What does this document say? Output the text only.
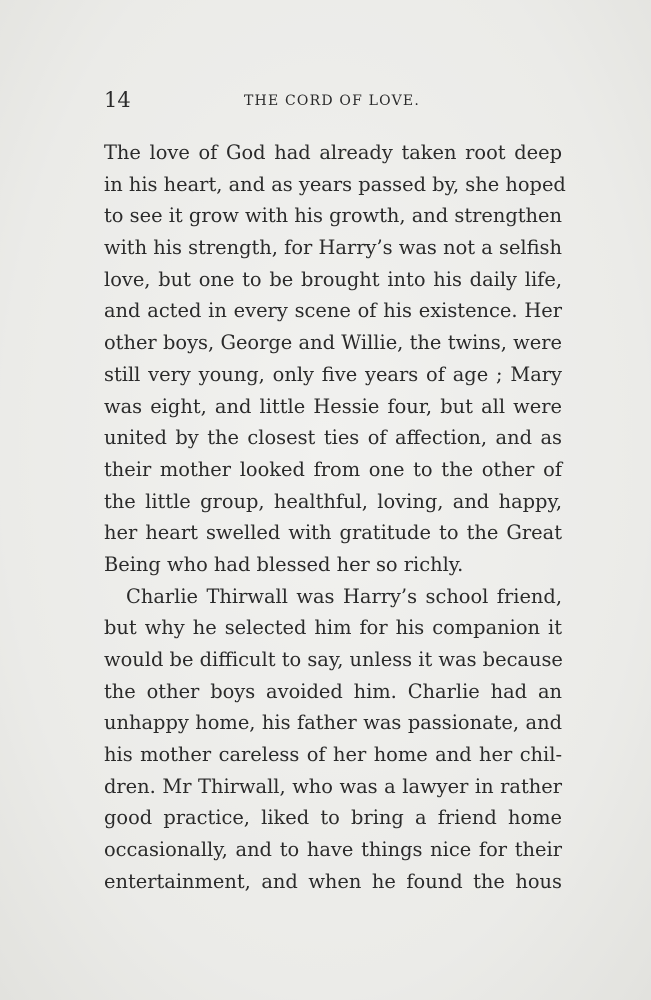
14	THE CORD OF LOVE.
The love of God had already taken root deep
in his heart, and as years passed by, she hoped
to see it grow with his growth, and strengthen
with his strength, for Harry’s was not a selfish
love, but one to be brought into his daily life,
and acted in every scene of his existence. Her
other boys, George and Willie, the twins, were
still very young, only five years of age ; Mary
was eight, and little Hessie four, but all were
united by the closest ties of affection, and as
their mother looked from one to the other of
the little group, healthful, loving, and happy,
her heart swelled with gratitude to the Great
Being who had blessed her so richly.
Charlie Thirwall was Harry’s school friend,
but why he selected him for his companion it
would be difficult to say, unless it was because
the other boys avoided him. Charlie had an
unhappy home, his father was passionate, and
his mother careless of her home and her chil-
dren. Mr Thirwall, who was a lawyer in rather
good practice, liked to bring a friend home
occasionally, and to have things nice for their
entertainment, and when he found the hous
